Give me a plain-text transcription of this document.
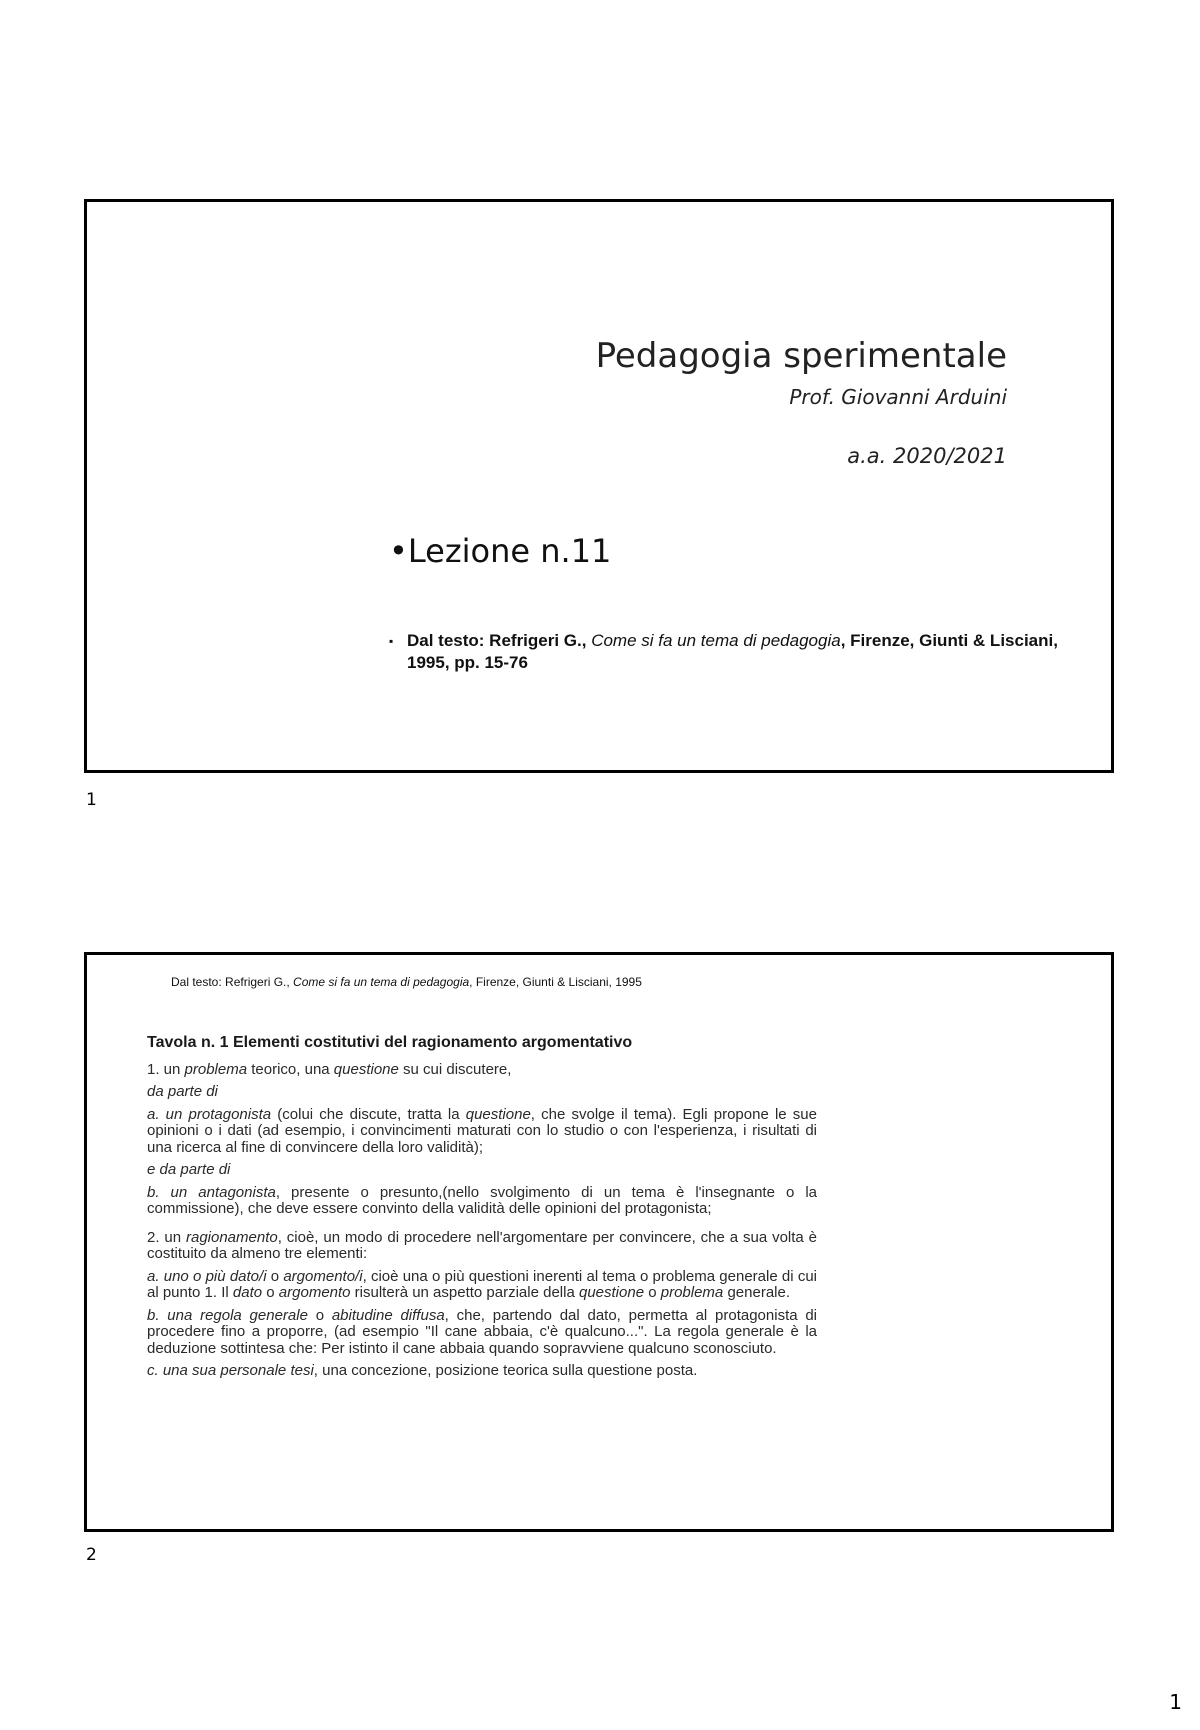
Pedagogia sperimentale
Prof. Giovanni Arduini
a.a. 2020/2021
•Lezione n.11
▪ Dal testo: Refrigeri G., Come si fa un tema di pedagogia, Firenze, Giunti & Lisciani, 1995, pp. 15-76
1
Dal testo: Refrigeri G., Come si fa un tema di pedagogia, Firenze, Giunti & Lisciani, 1995
Tavola n. 1 Elementi costitutivi del ragionamento argomentativo

1. un problema teorico, una questione su cui discutere,

da parte di

a. un protagonista (colui che discute, tratta la questione, che svolge il tema). Egli propone le sue opinioni o i dati (ad esempio, i convincimenti maturati con lo studio o con l'esperienza, i risultati di una ricerca al fine di convincere della loro validità);

e da parte di

b. un antagonista, presente o presunto,(nello svolgimento di un tema è l'insegnante o la commissione), che deve essere convinto della validità delle opinioni del protagonista;

2. un ragionamento, cioè, un modo di procedere nell'argomentare per convincere, che a sua volta è costituito da almeno tre elementi:

a. uno o più dato/i o argomento/i, cioè una o più questioni inerenti al tema o problema generale di cui al punto 1. Il dato o argomento risulterà un aspetto parziale della questione o problema generale.

b. una regola generale o abitudine diffusa, che, partendo dal dato, permetta al protagonista di procedere fino a proporre, (ad esempio "Il cane abbaia, c'è qualcuno...". La regola generale è la deduzione sottintesa che: Per istinto il cane abbaia quando sopravviene qualcuno sconosciuto.

c. una sua personale tesi, una concezione, posizione teorica sulla questione posta.

2
1
